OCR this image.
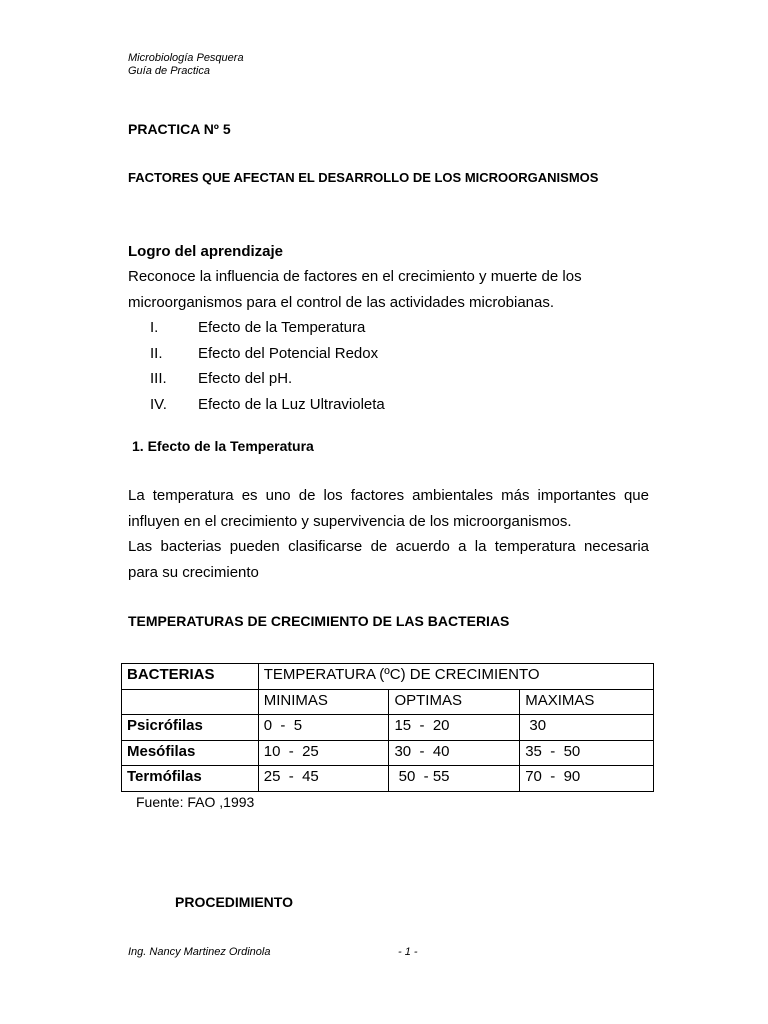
Microbiología Pesquera
Guía de Practica
PRACTICA Nº 5
FACTORES QUE AFECTAN EL DESARROLLO DE LOS MICROORGANISMOS
Logro del aprendizaje
Reconoce la influencia de factores en el crecimiento y muerte de los
microorganismos para el control de las actividades microbianas.
I.	Efecto de la Temperatura
II. Efecto del Potencial Redox
III. Efecto del pH.
IV. Efecto de la Luz Ultravioleta
1. Efecto de la Temperatura
La temperatura es uno de los factores ambientales más importantes que
influyen en el crecimiento y supervivencia de los microorganismos.
Las bacterias pueden clasificarse de acuerdo a la temperatura necesaria
para su crecimiento
TEMPERATURAS DE CRECIMIENTO DE LAS BACTERIAS
BACTERIAS	TEMPERATURA (ºC) DE CRECIMIENTO		
	MINIMAS	OPTIMAS	MAXIMAS
Psicrófilas	0  -  5	15  -  20	30
Mesófilas	10  -  25	30  -  40	35  -  50
Termófilas	25  -  45	50  - 55	70  -  90
Fuente: FAO ,1993
PROCEDIMIENTO
Ing. Nancy Martinez Ordinola	- 1 -
